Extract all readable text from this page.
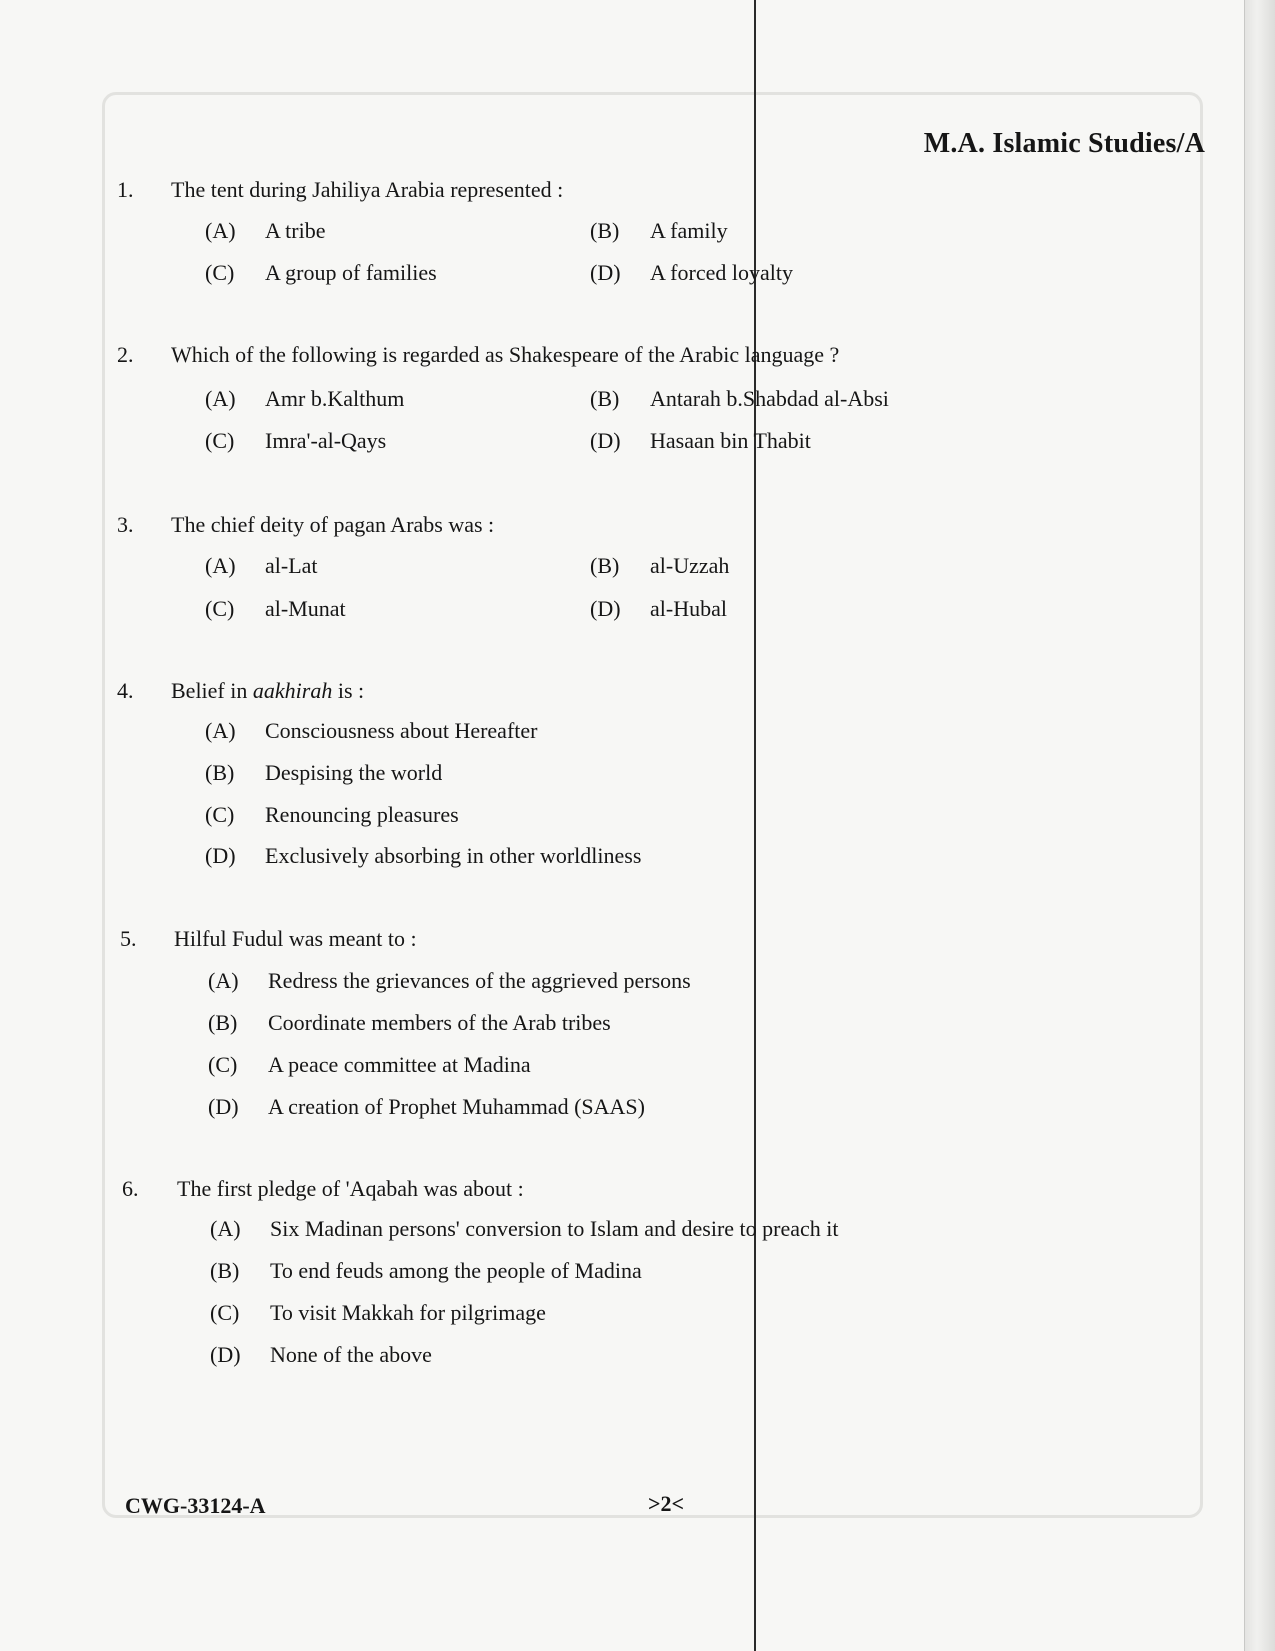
M.A. Islamic Studies/A
1. The tent during Jahiliya Arabia represented :
(A) A tribe	(B) A family
(C) A group of families	(D) A forced loyalty
2. Which of the following is regarded as Shakespeare of the Arabic language ?
(A) Amr b.Kalthum	(B) Antarah b.Shabdad al-Absi
(C) Imra'-al-Qays	(D) Hasaan bin Thabit
3. The chief deity of pagan Arabs was :
(A) al-Lat	(B) al-Uzzah
(C) al-Munat	(D) al-Hubal
4. Belief in aakhirah is :
(A) Consciousness about Hereafter
(B) Despising the world
(C) Renouncing pleasures
(D) Exclusively absorbing in other worldliness
5. Hilful Fudul was meant to :
(A) Redress the grievances of the aggrieved persons
(B) Coordinate members of the Arab tribes
(C) A peace committee at Madina
(D) A creation of Prophet Muhammad (SAAS)
6. The first pledge of 'Aqabah was about :
(A) Six Madinan persons' conversion to Islam and desire to preach it
(B) To end feuds among the people of Madina
(C) To visit Makkah for pilgrimage
(D) None of the above
CWG-33124-A	>2<
